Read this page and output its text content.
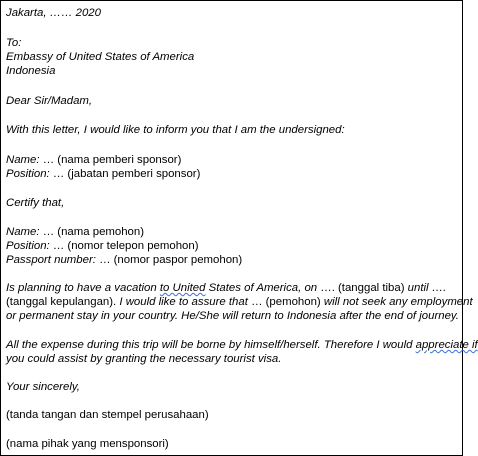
Jakarta, …… 2020
To:
Embassy of United States of America
Indonesia
Dear Sir/Madam,
With this letter, I would like to inform you that I am the undersigned:
Name: … (nama pemberi sponsor)
Position: … (jabatan pemberi sponsor)
Certify that,
Name: … (nama pemohon)
Position: … (nomor telepon pemohon)
Passport number: … (nomor paspor pemohon)
Is planning to have a vacation to United States of America, on …. (tanggal tiba) until ….
(tanggal kepulangan). I would like to assure that … (pemohon) will not seek any employment
or permanent stay in your country. He/She will return to Indonesia after the end of journey.
All the expense during this trip will be borne by himself/herself. Therefore I would appreciate if
you could assist by granting the necessary tourist visa.
Your sincerely,
(tanda tangan dan stempel perusahaan)
(nama pihak yang mensponsori)
